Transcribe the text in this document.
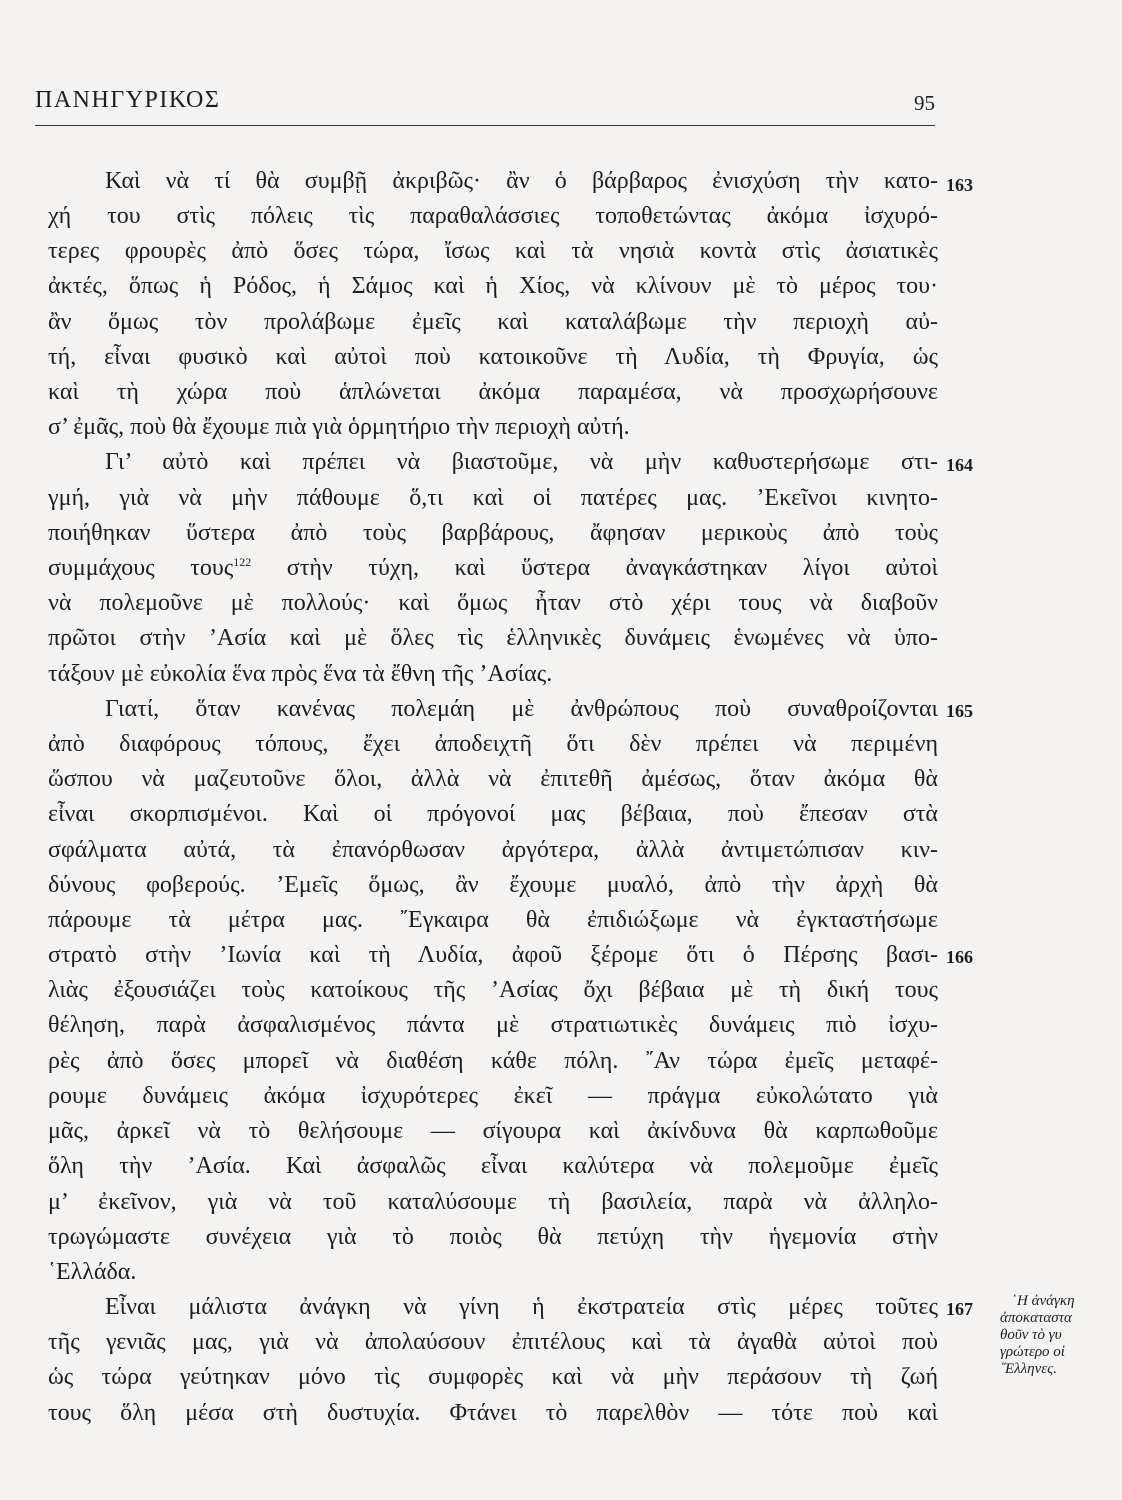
ΠΑΝΗΓΥΡΙΚΟΣ	95
163
Καὶ νὰ τί θὰ συμβῇ ἀκριβῶς· ἂν ὁ βάρβαρος ἐνισχύση τὴν κατο-
χή του στὶς πόλεις τὶς παραθαλάσσιες τοποθετώντας ἀκόμα ἰσχυρό-
τερες φρουρὲς ἀπὸ ὅσες τώρα, ἴσως καὶ τὰ νησιὰ κοντὰ στὶς ἀσιατικὲς
ἀκτές, ὅπως ἡ Ρόδος, ἡ Σάμος καὶ ἡ Χίος, νὰ κλίνουν μὲ τὸ μέρος του·
ἂν ὅμως τὸν προλάβωμε ἐμεῖς καὶ καταλάβωμε τὴν περιοχὴ αὐ-
τή, εἶναι φυσικὸ καὶ αὐτοὶ ποὺ κατοικοῦνε τὴ Λυδία, τὴ Φρυγία, ὡς
καὶ τὴ χώρα ποὺ ἁπλώνεται ἀκόμα παραμέσα, νὰ προσχωρήσουνε
σ’ ἐμᾶς, ποὺ θὰ ἔχουμε πιὰ γιὰ ὁρμητήριο τὴν περιοχὴ αὐτή.
164
Γι’ αὐτὸ καὶ πρέπει νὰ βιαστοῦμε, νὰ μὴν καθυστερήσωμε στι-
γμή, γιὰ νὰ μὴν πάθουμε ὅ,τι καὶ οἱ πατέρες μας. ’Εκεῖνοι κινητο-
ποιήθηκαν ὕστερα ἀπὸ τοὺς βαρβάρους, ἄφησαν μερικοὺς ἀπὸ τοὺς
συμμάχους τους$^{122}$ στὴν τύχη, καὶ ὕστερα ἀναγκάστηκαν λίγοι αὐτοὶ
νὰ πολεμοῦνε μὲ πολλούς· καὶ ὅμως ἦταν στὸ χέρι τους νὰ διαβοῦν
πρῶτοι στὴν ’Ασία καὶ μὲ ὅλες τὶς ἑλληνικὲς δυνάμεις ἑνωμένες νὰ ὑπο-
τάξουν μὲ εὐκολία ἕνα πρὸς ἕνα τὰ ἔθνη τῆς ’Ασίας.
165
Γιατί, ὅταν κανένας πολεμάη μὲ ἀνθρώπους ποὺ συναθροίζονται
ἀπὸ διαφόρους τόπους, ἔχει ἀποδειχτῆ ὅτι δὲν πρέπει νὰ περιμένη
ὥσπου νὰ μαζευτοῦνε ὅλοι, ἀλλὰ νὰ ἐπιτεθῆ ἀμέσως, ὅταν ἀκόμα θὰ
εἶναι σκορπισμένοι. Καὶ οἱ πρόγονοί μας βέβαια, ποὺ ἔπεσαν στὰ
σφάλματα αὐτά, τὰ ἐπανόρθωσαν ἀργότερα, ἀλλὰ ἀντιμετώπισαν κιν-
δύνους φοβερούς. ’Εμεῖς ὅμως, ἂν ἔχουμε μυαλό, ἀπὸ τὴν ἀρχὴ θὰ
πάρουμε τὰ μέτρα μας. ῎Εγκαιρα θὰ ἐπιδιώξωμε νὰ ἐγκταστήσωμε
166
στρατὸ στὴν ’Ιωνία καὶ τὴ Λυδία, ἀφοῦ ξέρομε ὅτι ὁ Πέρσης βασι-
λιὰς ἐξουσιάζει τοὺς κατοίκους τῆς ’Ασίας ὄχι βέβαια μὲ τὴ δική τους
θέληση, παρὰ ἀσφαλισμένος πάντα μὲ στρατιωτικὲς δυνάμεις πιὸ ἰσχυ-
ρὲς ἀπὸ ὅσες μπορεῖ νὰ διαθέση κάθε πόλη. ῎Αν τώρα ἐμεῖς μεταφέ-
ρουμε δυνάμεις ἀκόμα ἰσχυρότερες ἐκεῖ — πράγμα εὐκολώτατο γιὰ
μᾶς, ἀρκεῖ νὰ τὸ θελήσουμε — σίγουρα καὶ ἀκίνδυνα θὰ καρπωθοῦμε
ὅλη τὴν ’Ασία. Καὶ ἀσφαλῶς εἶναι καλύτερα νὰ πολεμοῦμε ἐμεῖς
μ’ ἐκεῖνον, γιὰ νὰ τοῦ καταλύσουμε τὴ βασιλεία, παρὰ νὰ ἀλληλο-
τρωγώμαστε συνέχεια γιὰ τὸ ποιὸς θὰ πετύχη τὴν ἡγεμονία στὴν
῾Ελλάδα.
167
Εἶναι μάλιστα ἀνάγκη νὰ γίνη ἡ ἐκστρατεία στὶς μέρες τοῦτες
τῆς γενιᾶς μας, γιὰ νὰ ἀπολαύσουν ἐπιτέλους καὶ τὰ ἀγαθὰ αὐτοὶ ποὺ
ὡς τώρα γεύτηκαν μόνο τὶς συμφορὲς καὶ νὰ μὴν περάσουν τὴ ζωή
τους ὅλη μέσα στὴ δυστυχία. Φτάνει τὸ παρελθὸν — τότε ποὺ καὶ
῾Η ἀνάγκη
ἀποκαταστα
θοῦν τὸ γυ
γρώτερο οἱ
῞Ελληνες.
